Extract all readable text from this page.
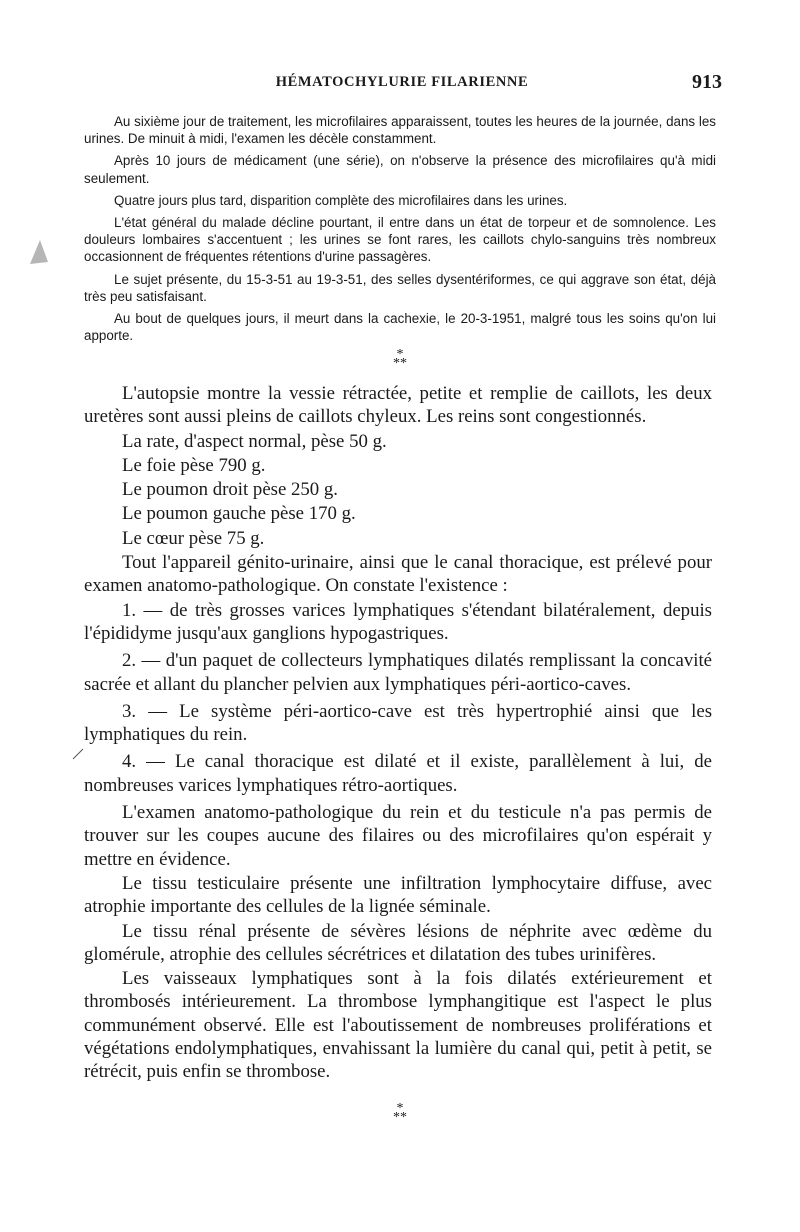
HÉMATOCHYLURIE FILARIENNE	913

Au sixième jour de traitement, les microfilaires apparaissent, toutes les heures de la journée, dans les urines. De minuit à midi, l'examen les décèle constamment.

Après 10 jours de médicament (une série), on n'observe la présence des microfilaires qu'à midi seulement.

Quatre jours plus tard, disparition complète des microfilaires dans les urines.

L'état général du malade décline pourtant, il entre dans un état de torpeur et de somnolence. Les douleurs lombaires s'accentuent ; les urines se font rares, les caillots chylo-sanguins très nombreux occasionnent de fréquentes rétentions d'urine passagères.

Le sujet présente, du 15-3-51 au 19-3-51, des selles dysentériformes, ce qui aggrave son état, déjà très peu satisfaisant.

Au bout de quelques jours, il meurt dans la cachexie, le 20-3-1951, malgré tous les soins qu'on lui apporte.

*
**

L'autopsie montre la vessie rétractée, petite et remplie de caillots, les deux uretères sont aussi pleins de caillots chyleux. Les reins sont congestionnés.

La rate, d'aspect normal, pèse 50 g.

Le foie pèse 790 g.

Le poumon droit pèse 250 g.

Le poumon gauche pèse 170 g.

Le cœur pèse 75 g.

Tout l'appareil génito-urinaire, ainsi que le canal thoracique, est prélevé pour examen anatomo-pathologique. On constate l'existence :

1. — de très grosses varices lymphatiques s'étendant bilatéralement, depuis l'épididyme jusqu'aux ganglions hypogastriques.

2. — d'un paquet de collecteurs lymphatiques dilatés remplissant la concavité sacrée et allant du plancher pelvien aux lymphatiques péri-aortico-caves.

3. — Le système péri-aortico-cave est très hypertrophié ainsi que les lymphatiques du rein.

4. — Le canal thoracique est dilaté et il existe, parallèlement à lui, de nombreuses varices lymphatiques rétro-aortiques.

L'examen anatomo-pathologique du rein et du testicule n'a pas permis de trouver sur les coupes aucune des filaires ou des microfilaires qu'on espérait y mettre en évidence.

Le tissu testiculaire présente une infiltration lymphocytaire diffuse, avec atrophie importante des cellules de la lignée séminale.

Le tissu rénal présente de sévères lésions de néphrite avec œdème du glomérule, atrophie des cellules sécrétrices et dilatation des tubes urinifères.

Les vaisseaux lymphatiques sont à la fois dilatés extérieurement et thrombosés intérieurement. La thrombose lymphangitique est l'aspect le plus communément observé. Elle est l'aboutissement de nombreuses proliférations et végétations endolymphatiques, envahissant la lumière du canal qui, petit à petit, se rétrécit, puis enfin se thrombose.

*
**
